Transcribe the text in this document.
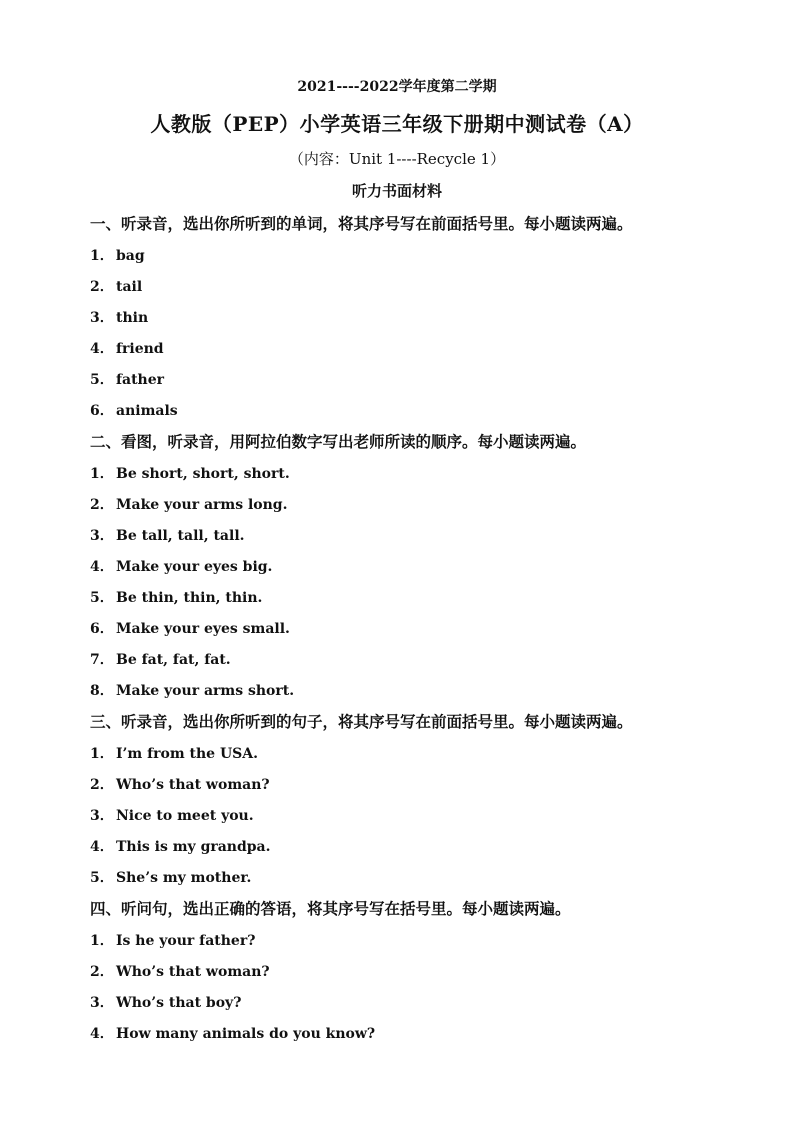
2021----2022学年度第二学期
人教版（PEP）小学英语三年级下册期中测试卷（A）
（内容：Unit 1----Recycle 1）
听力书面材料
一、听录音，选出你所听到的单词，将其序号写在前面括号里。每小题读两遍。
1． bag
2． tail
3． thin
4． friend
5． father
6． animals
二、看图，听录音，用阿拉伯数字写出老师所读的顺序。每小题读两遍。
1． Be short, short, short.
2． Make your arms long.
3． Be tall, tall, tall.
4． Make your eyes big.
5． Be thin, thin, thin.
6． Make your eyes small.
7． Be fat, fat, fat.
8． Make your arms short.
三、听录音，选出你所听到的句子，将其序号写在前面括号里。每小题读两遍。
1． I’m from the USA.
2． Who’s that woman?
3． Nice to meet you.
4． This is my grandpa.
5． She’s my mother.
四、听问句，选出正确的答语，将其序号写在括号里。每小题读两遍。
1． Is he your father?
2． Who’s that woman?
3． Who’s that boy?
4． How many animals do you know?
